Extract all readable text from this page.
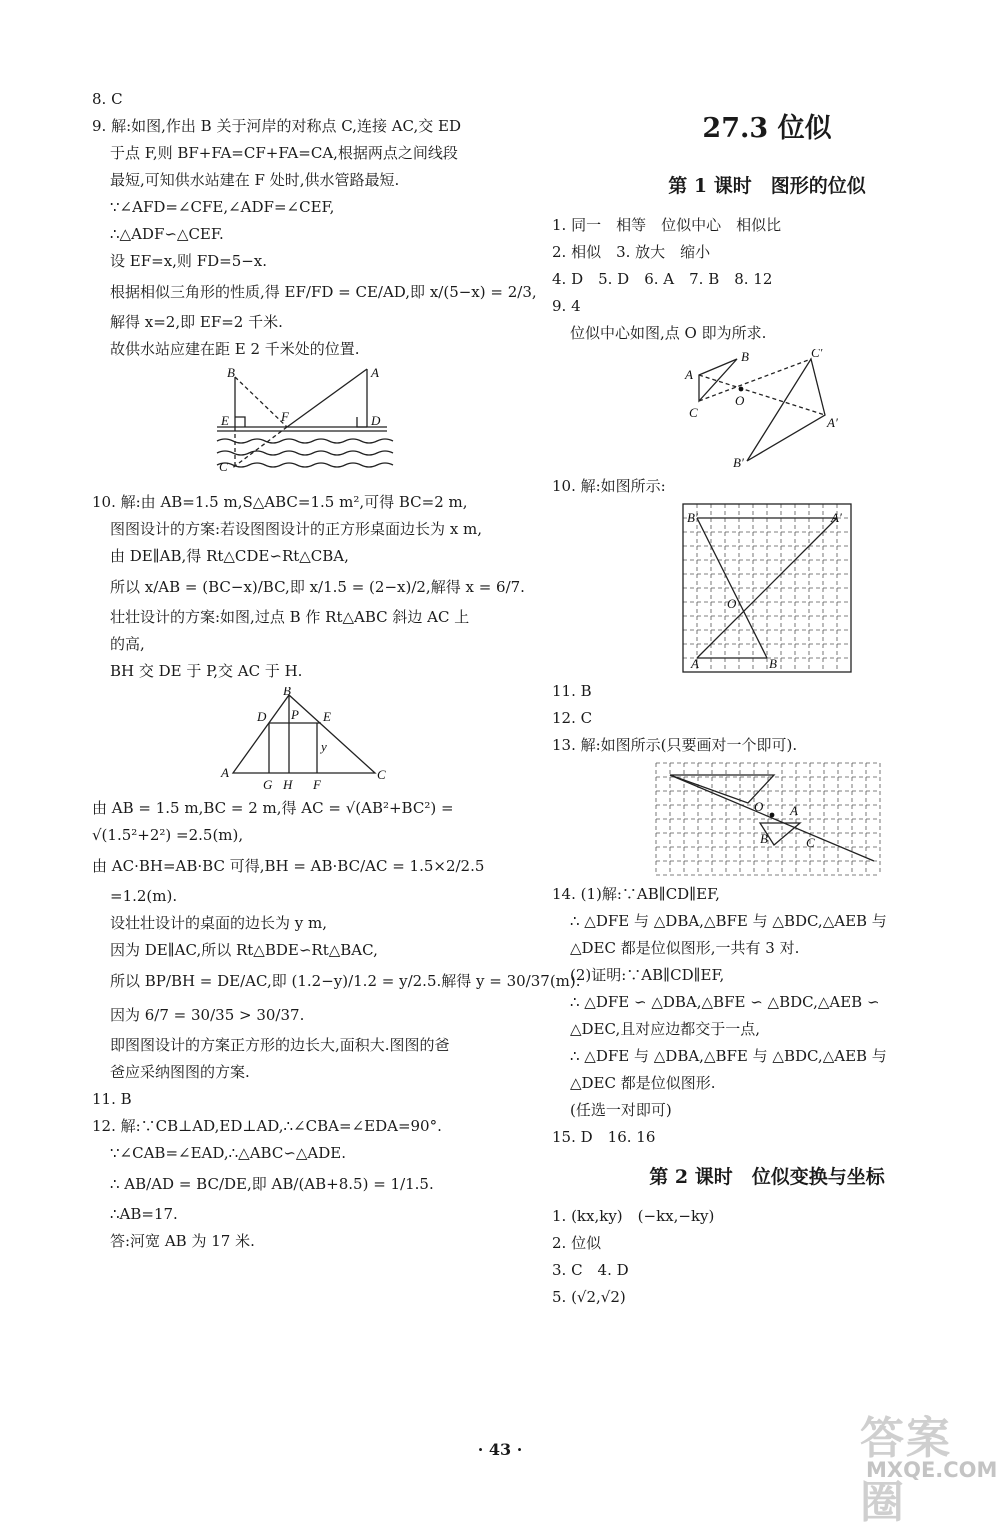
8. C
9. 解:如图,作出 B 关于河岸的对称点 C,连接 AC,交 ED
于点 F,则 BF+FA=CF+FA=CA,根据两点之间线段
最短,可知供水站建在 F 处时,供水管路最短.
∵∠AFD=∠CFE,∠ADF=∠CEF,
∴△ADF∽△CEF.
设 EF=x,则 FD=5−x.
根据相似三角形的性质,得 EF/FD = CE/AD,即 x/(5−x) = 2/3,
解得 x=2,即 EF=2 千米.
故供水站应建在距 E 2 千米处的位置.
B	A
E	F	D
C
10. 解:由 AB=1.5 m,S△ABC=1.5 m²,可得 BC=2 m,
图图设计的方案:若设图图设计的正方形桌面边长为 x m,
由 DE∥AB,得 Rt△CDE∽Rt△CBA,
所以 x/AB = (BC−x)/BC,即 x/1.5 = (2−x)/2,解得 x = 6/7.
壮壮设计的方案:如图,过点 B 作 Rt△ABC 斜边 AC 上
的高,
BH 交 DE 于 P,交 AC 于 H.
B
P
D	E
A	C
G H F
y
由 AB = 1.5 m,BC = 2 m,得 AC = √(AB²+BC²) =
√(1.5²+2²) =2.5(m),
由 AC·BH=AB·BC 可得,BH = AB·BC/AC = 1.5×2/2.5
=1.2(m).
设壮壮设计的桌面的边长为 y m,
因为 DE∥AC,所以 Rt△BDE∽Rt△BAC,
所以 BP/BH = DE/AC,即 (1.2−y)/1.2 = y/2.5.解得 y = 30/37(m).
因为 6/7 = 30/35 > 30/37.
即图图设计的方案正方形的边长大,面积大.图图的爸
爸应采纳图图的方案.
11. B
12. 解:∵CB⊥AD,ED⊥AD,∴∠CBA=∠EDA=90°.
∵∠CAB=∠EAD,∴△ABC∽△ADE.
∴ AB/AD = BC/DE,即 AB/(AB+8.5) = 1/1.5.
∴AB=17.
答:河宽 AB 为 17 米.
27.3 位似
第 1 课时　图形的位似
1. 同一　相等　位似中心　相似比
2. 相似　3. 放大　缩小
4. D　5. D　6. A　7. B　8. 12
9. 4
位似中心如图,点 O 即为所求.
A
B
C
O
C′
A′
B′
10. 解:如图所示:
B′	A′
O
A	B
11. B
12. C
13. 解:如图所示(只要画对一个即可).
O A
B	C
14. (1)解:∵AB∥CD∥EF,
∴ △DFE 与 △DBA,△BFE 与 △BDC,△AEB 与
△DEC 都是位似图形,一共有 3 对.
(2)证明:∵AB∥CD∥EF,
∴ △DFE ∽ △DBA,△BFE ∽ △BDC,△AEB ∽
△DEC,且对应边都交于一点,
∴ △DFE 与 △DBA,△BFE 与 △BDC,△AEB 与
△DEC 都是位似图形.
(任选一对即可)
15. D　16. 16
第 2 课时　位似变换与坐标
1. (kx,ky)　(−kx,−ky)
2. 位似
3. C　4. D
5. (√2,√2)
· 43 ·	答案圈
MXQE.COM
